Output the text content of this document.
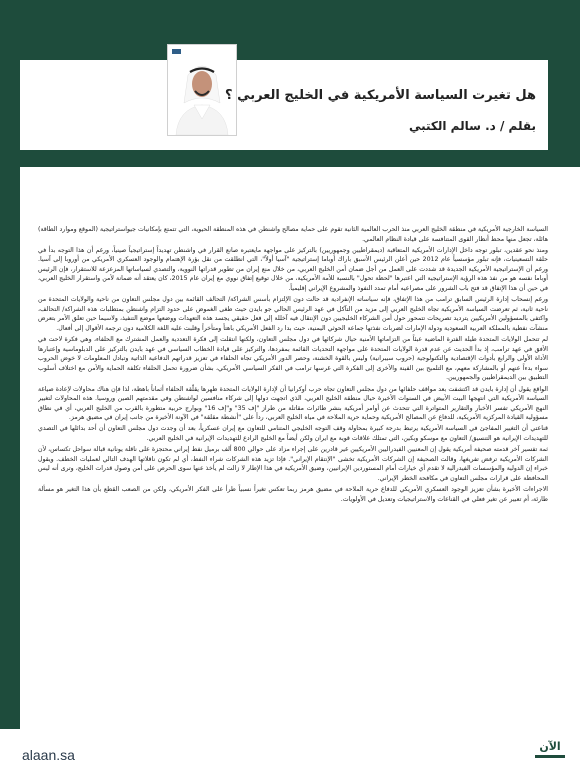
هل تغيرت السياسة الأمريكية في الخليج العربي ؟
بقلم / د. سالم الكتبي

السياسة الخارجية الأمريكية في منطقة الخليج العربي منذ الحرب العالمية الثانية تقوم على حماية مصالح واشنطن في هذه المنطقة الحيوية، التي تتمتع بإمكانيات جيواستراتيجية (الموقع وموارد الطاقة) هائلة، تجعل منها محط أنظار القوى المتنافسة على قيادة النظام العالمي.

ومنذ نحو عقدين، تبلور توجه داخل الإدارات الأمريكية المتعاقبة (ديمقراطيين وجمهوريين) بالتركيز على مواجهة مايعتبره صانع القرار في واشنطن تهديداً إستراتيجياً صينياً، ورغم أن هذا التوجه بدأ في حلقة التسعينيات، فإنه تبلور مؤسسياً عام 2012 حين أعلن الرئيس الأسبق باراك أوباما إستراتيجية "آسيا أولاً"، التي انطلقت من نقل بؤرة الإهتمام والوجود العسكري الأمريكي من أوروبا إلى آسيا. ورغم أن الإستراتيجية الأمريكية الجديدة قد شددت على العمل من أجل ضمان أمن الخليج العربي، من خلال منع إيران من تطوير قدراتها النووية، والتصدي لسياساتها المزعزعة للاستقرار، فإن الرئيس أوباما نفسه هو من نفذ هذه الرؤية الإستراتيجية التي اعتبرها "لحظة تحول" بالنسبة للأمة الأمريكية، من خلال توقيع إتفاق نووي مع إيران عام 2015، كان يعتقد أنه ضمانة لأمن واستقرار الخليج العربي، في حين أن هذا الإتفاق قد فتح باب الشرور على مصراعيه أمام تمدد النفوذ والمشروع الإيراني إقليمياً.

ورغم إنسحاب إدارة الرئيس السابق ترامب من هذا الإتفاق، فإنه سياساته الإنفرادية قد حالت دون الإلتزام بأسس الشراكة/ التحالف القائمة بين دول مجلس التعاون من ناحية والولايات المتحدة من ناحية ثانية، ثم تعرضت السياسة الأمريكية تجاه الخليج العربي إلى مزيد من التآكل في عهد الرئيس الحالي جو بايدن حيث طغى الغموض على حدود التزام واشنطن بمتطلبات هذه الشراكة/ التحالف، واكتفى بالمسؤولين الأمريكيين يترديد تصريحات تتمحور حول أمن الشركاء الخليجيين دون الإنتقال فيه آخللة إلى فعل حقيقي يجسد هذه التعهدات ووضعها موضع التنفيذ، ولاسيما حين تعلق الأمر بتعرض منشآت نفطية بالمملكة العربية السعودية ودولة الإمارات لضربات نفذتها جماعة الحوثي اليمنية، حيث بدا رد الفعل الأمريكي باهتاً ومتأخراً وقلبت عليه اللغة الكلامية دون ترجمة الأقوال إلى أفعال.

لم تتحمل الولايات المتحدة طيلة الفترة الماضية عبئاً من التزاماتها الأمنية حيال شركائها في دول مجلس التعاون، ولكنها انتقلت إلى فكرة التعددية والعمل المشترك مع الحلفاء، وهي فكرة لاحت في الأفق في عهد ترامب، إذ بدأ الحديث عن عدم قدرة الولايات المتحدة على مواجهة التحديات القائمة بمفردها، والتركيز على قيادة الخطاب السياسي في عهد بايدن بالتركيز على الدبلوماسية وإعتبارها الأداة الأولى والرابع بأدوات الإقتصادية والتكنولوجية (حروب سيبرانية) وليس بالقوة الخشنة، وحصر الدور الأمريكي تجاه الحلفاء في تعزيز قدراتهم الدفاعية الذاتية وتبادل المعلومات لا خوض الحروب سواء بدءاً عنهم أو بالمشاركة معهم، مع التلميح بين الفينة والأخرى إلى الفكرة التي غرسها ترامب في الفكر السياسي الأمريكي، بشأن ضرورة تحمل الحلفاء تكلفة الحماية والأمن مع اختلاف أسلوب التطبيق بين الديمقراطيين والجمهوريين.

الواقع يقول أن إدارة بايدن قد اكتشفت بعد مواقف حلفائها من دول مجلس التعاون تجاه حرب أوكرانيا أن لإدارة الولايات المتحدة ظهرها يقلّقة الحلفاء أثماناً باهظة، لذا فإن هناك محاولات لإعادة صياغة السياسة الأمريكية التي انتهجها البيت الأبيض في السنوات الأخيرة حيال منطقة الخليج العربي، الذي اتجهت دولها إلى شركاء منافسين لواشنطن وفي مقدمتهم الصين وروسيا. هذه المحاولات لتغيير النهج الأمريكي تفسر الأخبار والتقارير المتواترة التي تتحدث عن أوامر أمريكية بنشر طائرات مقاتلة من طراز "إف 35" و"إف 16" وبوارج حربية متطورة بالقرب من الخليج العربي، أي في نطاق مسؤولية القيادة المركزية الأمريكية، للدفاع عن المصالح الأمريكية وحماية حرية الملاحة في مياه الخليج العربي، رداً على "أنشطة مقلقة" في الآونة الأخيرة من جانب إيران في مضيق هرمز.

قناعتي أن التغيير المفاجئ في السياسة الأمريكية يرتبط بدرجة كبيرة بمحاولة وقف التوجه الخليجي المتنامي للتعاون مع إيران عسكرياً، بعد أن وجدت دول مجلس التعاون أن أحد بدائلها في التصدي للتهديدات الإيرانية هو التنسيق/ التعاون مع موسكو وبكين، التي تمتلك علاقات قوية مع ايران ولكن أيضاً مع الخليج الرادع للتهديدات الإيرانية في الخليج العربي.

ثمة تفسير آخر قدمته صحيفة أمريكية يقول إن المعنيين الفيدراليين الأمريكيين غير قادرين على إجراء مزاد على حوالي 800 ألف برميل نفط إيراني محتجزة على ناقلة يونانية قبالة سواحل تكساس، لأن الشركات الأمريكية ترفض تفريغها، وقالت الصحيفة إن الشركات الأمريكية تخشى "الإنتقام الإيراني". فإذا تزيد هذه الشركات شراء النفط، أي لم تكون ناقلاتها الهدف التالي لعمليات الخطف. ويقول خبراء إن الدولية والمؤسسات الفيدرالية لا تقدم أي خيارات أمام المستوردين الإيرانيين، وضيق الأمريكية في هذا الإطار لا زالت لم يأخذ عنها سوى الحرص على أمن وصول قدرات الخليج، وترى أنه ليس المحافظة على قرارات مجلس التعاون في مكافحة الخطر الإيراني.

الاجراءات الأخيرة بشأن تعزيز الوجود العسكري الأمريكي للدفاع حرية الملاحة في مضيق هرمز ربما تعكس تغيراً نسبياً طرأ على الفكر الأمريكي، ولكن من الصعب القطع بأن هذا التغير هو مسألة طارئة، أم تعبير عن تغير فعلي في القناعات والاستراتيجيات وتعديل في الأولويات.

alaan.sa
الآن
